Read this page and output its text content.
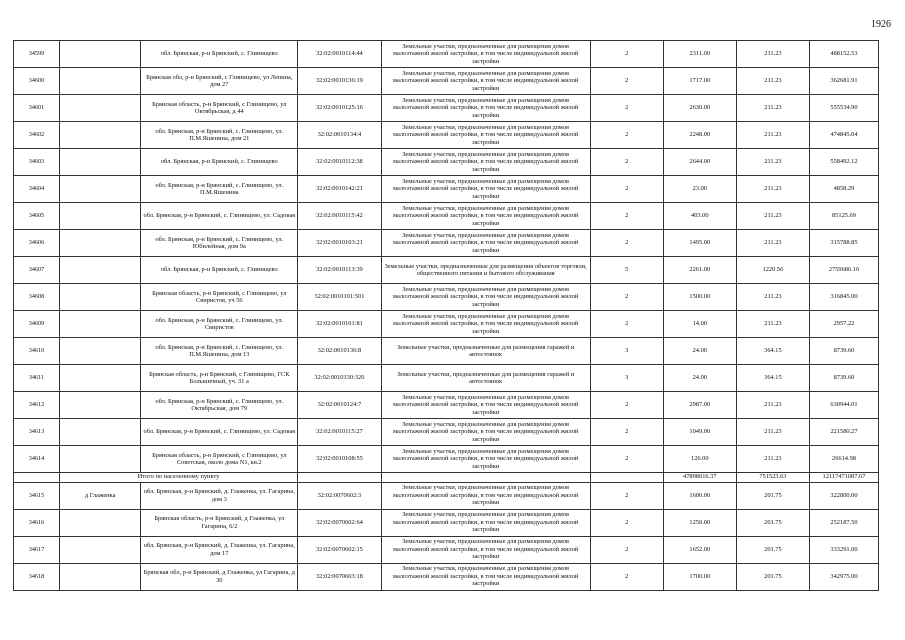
1926
34599		обл. Брянская, р-н Брянский, с. Глинищево	32:02:0010114:44	Земельные участки, предназначенные для размещения домов малоэтажной жилой застройки, в том числе индивидуальной жилой застройки	2	2311.00	211.23	488152.53
34600		Брянская обл, р-н Брянский, с Глинищево, ул Ленина, дом 27	32:02:0010136:19	Земельные участки, предназначенные для размещения домов малоэтажной жилой застройки, в том числе индивидуальной жилой застройки	2	1717.00	211.23	362681.91
34601		Брянская область, р-н Брянский, с Глинищево, ул Октябрьская, д 44	32:02:0010125:16	Земельные участки, предназначенные для размещения домов малоэтажной жилой застройки, в том числе индивидуальной жилой застройки	2	2630.00	211.23	555534.90
34602		обл. Брянская, р-н Брянский, с. Глинищево, ул. П.М.Яшенина, дом 21	32:02:0010134:4	Земельные участки, предназначенные для размещения домов малоэтажной жилой застройки, в том числе индивидуальной жилой застройки	2	2248.00	211.23	474845.04
34603		обл. Брянская, р-н Брянский, с. Глинищево	32:02:0010112:38	Земельные участки, предназначенные для размещения домов малоэтажной жилой застройки, в том числе индивидуальной жилой застройки	2	2644.00	211.23	558492.12
34604		обл. Брянская, р-н Брянский, с. Глинищево, ул. П.М.Яшенина	32:02:0010142:21	Земельные участки, предназначенные для размещения домов малоэтажной жилой застройки, в том числе индивидуальной жилой застройки	2	23.00	211.23	4858.29
34605		обл. Брянская, р-н Брянский, с. Глинищево, ул. Садовая	32:02:0010115:42	Земельные участки, предназначенные для размещения домов малоэтажной жилой застройки, в том числе индивидуальной жилой застройки	2	403.00	211.23	85125.69
34606		обл. Брянская, р-н Брянский, с. Глинищево, ул. Юбилейная, дом 9а	32:02:0010103:21	Земельные участки, предназначенные для размещения домов малоэтажной жилой застройки, в том числе индивидуальной жилой застройки	2	1495.00	211.23	315788.85
34607		обл. Брянская, р-н Брянский, с. Глинищево	32:02:0010113:39	Земельные участки, предназначенные для размещения объектов торговли, общественного питания и бытового обслуживания	5	2261.00	1220.56	2759686.16
34608		Брянская область, р-н Брянский, с Глинищево, ул Свиристов, уч 56	32:02:0010101:501	Земельные участки, предназначенные для размещения домов малоэтажной жилой застройки, в том числе индивидуальной жилой застройки	2	1500.00	211.23	316845.00
34609		обл. Брянская, р-н Брянский, с. Глинищево, ул. Свиристов	32:02:0010101:81	Земельные участки, предназначенные для размещения домов малоэтажной жилой застройки, в том числе индивидуальной жилой застройки	2	14.00	211.23	2957.22
34610		обл. Брянская, р-н Брянский, с. Глинищево, ул. П.М.Яшенина, дом 13	32:02:0010136:8	Земельные участки, предназначенные для размещения гаражей и автостоянок	3	24.00	364.15	8739.60
34611		Брянская область, р-н Брянский, с Глинищево, ГСК Большичный, уч. 31 а	32:02:0010130:320	Земельные участки, предназначенные для размещения гаражей и автостоянок	3	24.00	364.15	8739.60
34612		обл. Брянская, р-н Брянский, с. Глинищево, ул. Октябрьская, дом 79	32:02:0010124:7	Земельные участки, предназначенные для размещения домов малоэтажной жилой застройки, в том числе индивидуальной жилой застройки	2	2987.00	211.23	630944.01
34613		обл. Брянская, р-н Брянский, с. Глинищево, ул. Садовая	32:02:0010115:27	Земельные участки, предназначенные для размещения домов малоэтажной жилой застройки, в том числе индивидуальной жилой застройки	2	1049.00	211.23	221580.27
34614		Брянская область, р-н Брянский, с Глинищево, ул Советская, около дома N1, кв.2	32:02:0010108:55	Земельные участки, предназначенные для размещения домов малоэтажной жилой застройки, в том числе индивидуальной жилой застройки	2	126.00	211.23	26614.98
	Итого по населенному пункту					47898016.37	751523.63	12117471087.67
34615	д Глаженка	обл. Брянская, р-н Брянский, д. Глаженка, ул. Гагарина, дом 3	32:02:0070602:3	Земельные участки, предназначенные для размещения домов малоэтажной жилой застройки, в том числе индивидуальной жилой застройки	2	1600.00	201.75	322800.00
34616		Брянская область, р-н Брянский, д Глаженка, ул Гагарина, 6/2	32:02:0070602:64	Земельные участки, предназначенные для размещения домов малоэтажной жилой застройки, в том числе индивидуальной жилой застройки	2	1250.00	201.75	252187.50
34617		обл. Брянская, р-н Брянский, д. Глаженка, ул. Гагарина, дом 17	32:02:0070602:15	Земельные участки, предназначенные для размещения домов малоэтажной жилой застройки, в том числе индивидуальной жилой застройки	2	1652.00	201.75	333291.00
34618		Брянская обл, р-н Брянский, д Глаженка, ул Гагарина, д 30	32:02:0070603:18	Земельные участки, предназначенные для размещения домов малоэтажной жилой застройки, в том числе индивидуальной жилой застройки	2	1700.00	201.75	342975.00
